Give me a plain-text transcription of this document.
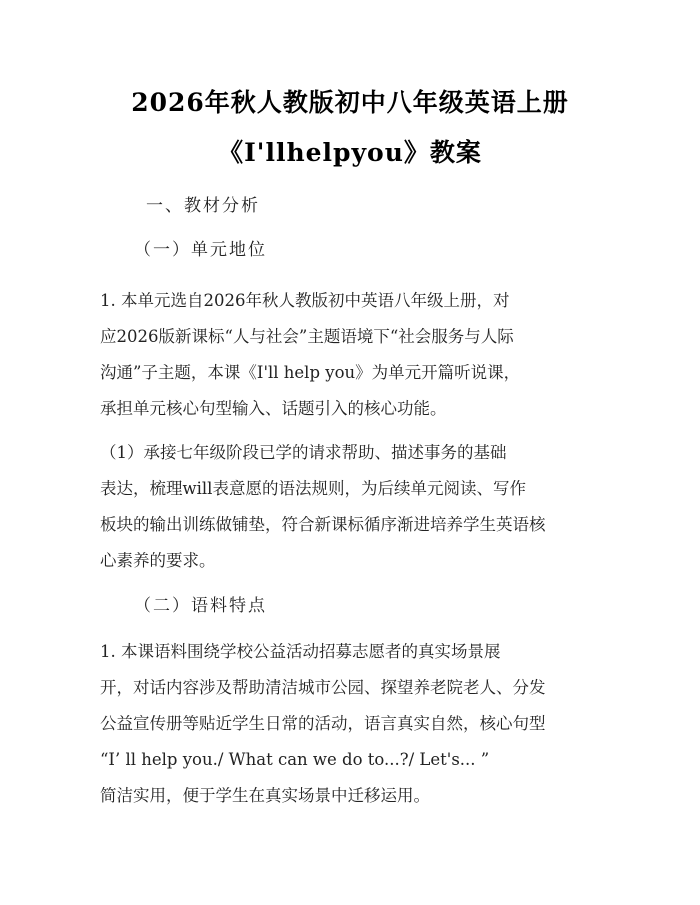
2026年秋人教版初中八年级英语上册
《I'llhelpyou》教案
一、教材分析
（一）单元地位
1. 本单元选自2026年秋人教版初中英语八年级上册，对
应2026版新课标“人与社会”主题语境下“社会服务与人际
沟通”子主题，本课《I'll help you》为单元开篇听说课，
承担单元核心句型输入、话题引入的核心功能。
（1）承接七年级阶段已学的请求帮助、描述事务的基础
表达，梳理will表意愿的语法规则，为后续单元阅读、写作
板块的输出训练做铺垫，符合新课标循序渐进培养学生英语核
心素养的要求。
（二）语料特点
1. 本课语料围绕学校公益活动招募志愿者的真实场景展
开，对话内容涉及帮助清洁城市公园、探望养老院老人、分发
公益宣传册等贴近学生日常的活动，语言真实自然，核心句型
“I’ ll help you./ What can we do to...?/ Let's... ”
简洁实用，便于学生在真实场景中迁移运用。
